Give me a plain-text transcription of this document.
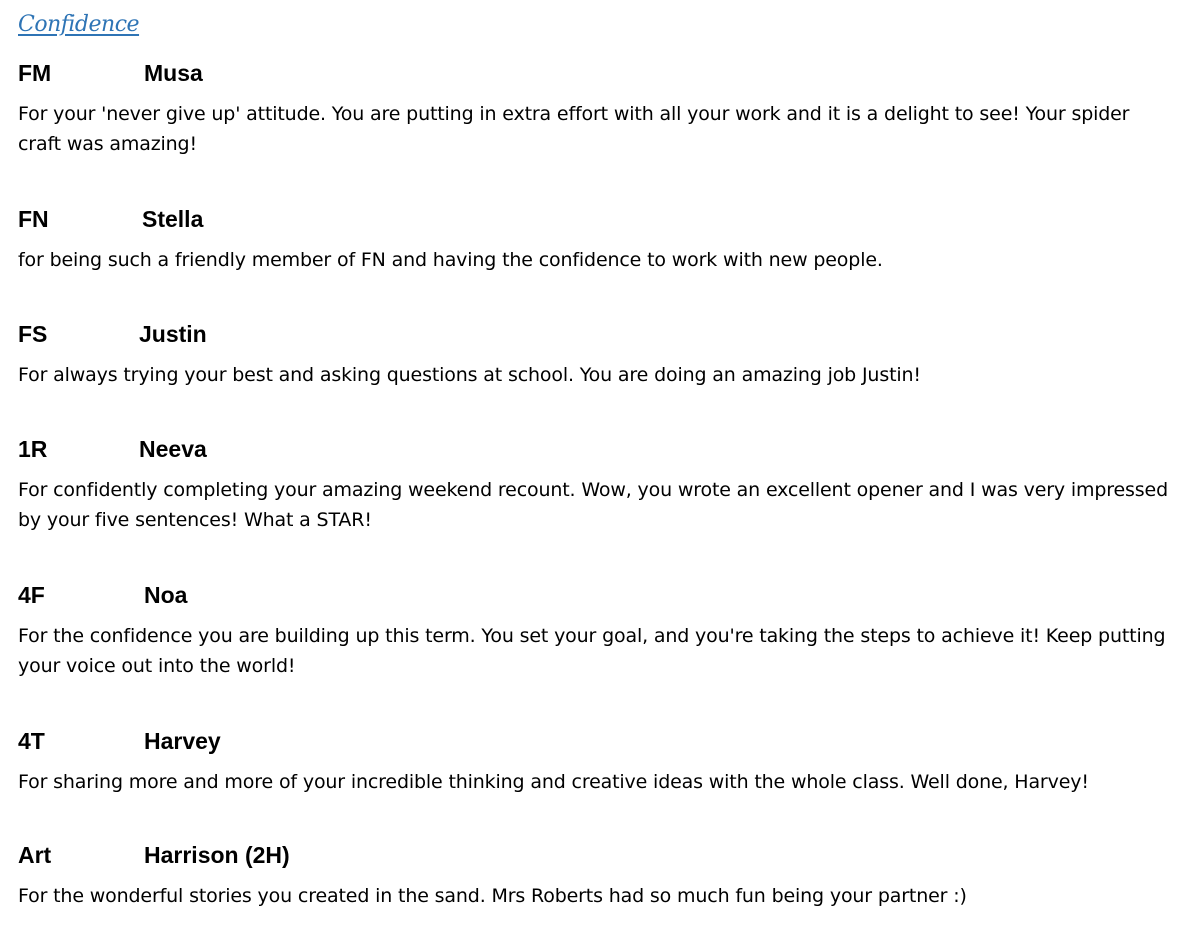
Confidence
FM	Musa

For your 'never give up' attitude. You are putting in extra effort with all your work and it is a delight to see! Your spider craft was amazing!

FN	Stella

for being such a friendly member of FN and having the confidence to work with new people.

FS	Justin

For always trying your best and asking questions at school. You are doing an amazing job Justin!

1R	Neeva

For confidently completing your amazing weekend recount. Wow, you wrote an excellent opener and I was very impressed by your five sentences! What a STAR!

4F	Noa

For the confidence you are building up this term. You set your goal, and you're taking the steps to achieve it! Keep putting your voice out into the world!

4T	Harvey

For sharing more and more of your incredible thinking and creative ideas with the whole class. Well done, Harvey!

Art	Harrison (2H)

For the wonderful stories you created in the sand. Mrs Roberts had so much fun being your partner :)
